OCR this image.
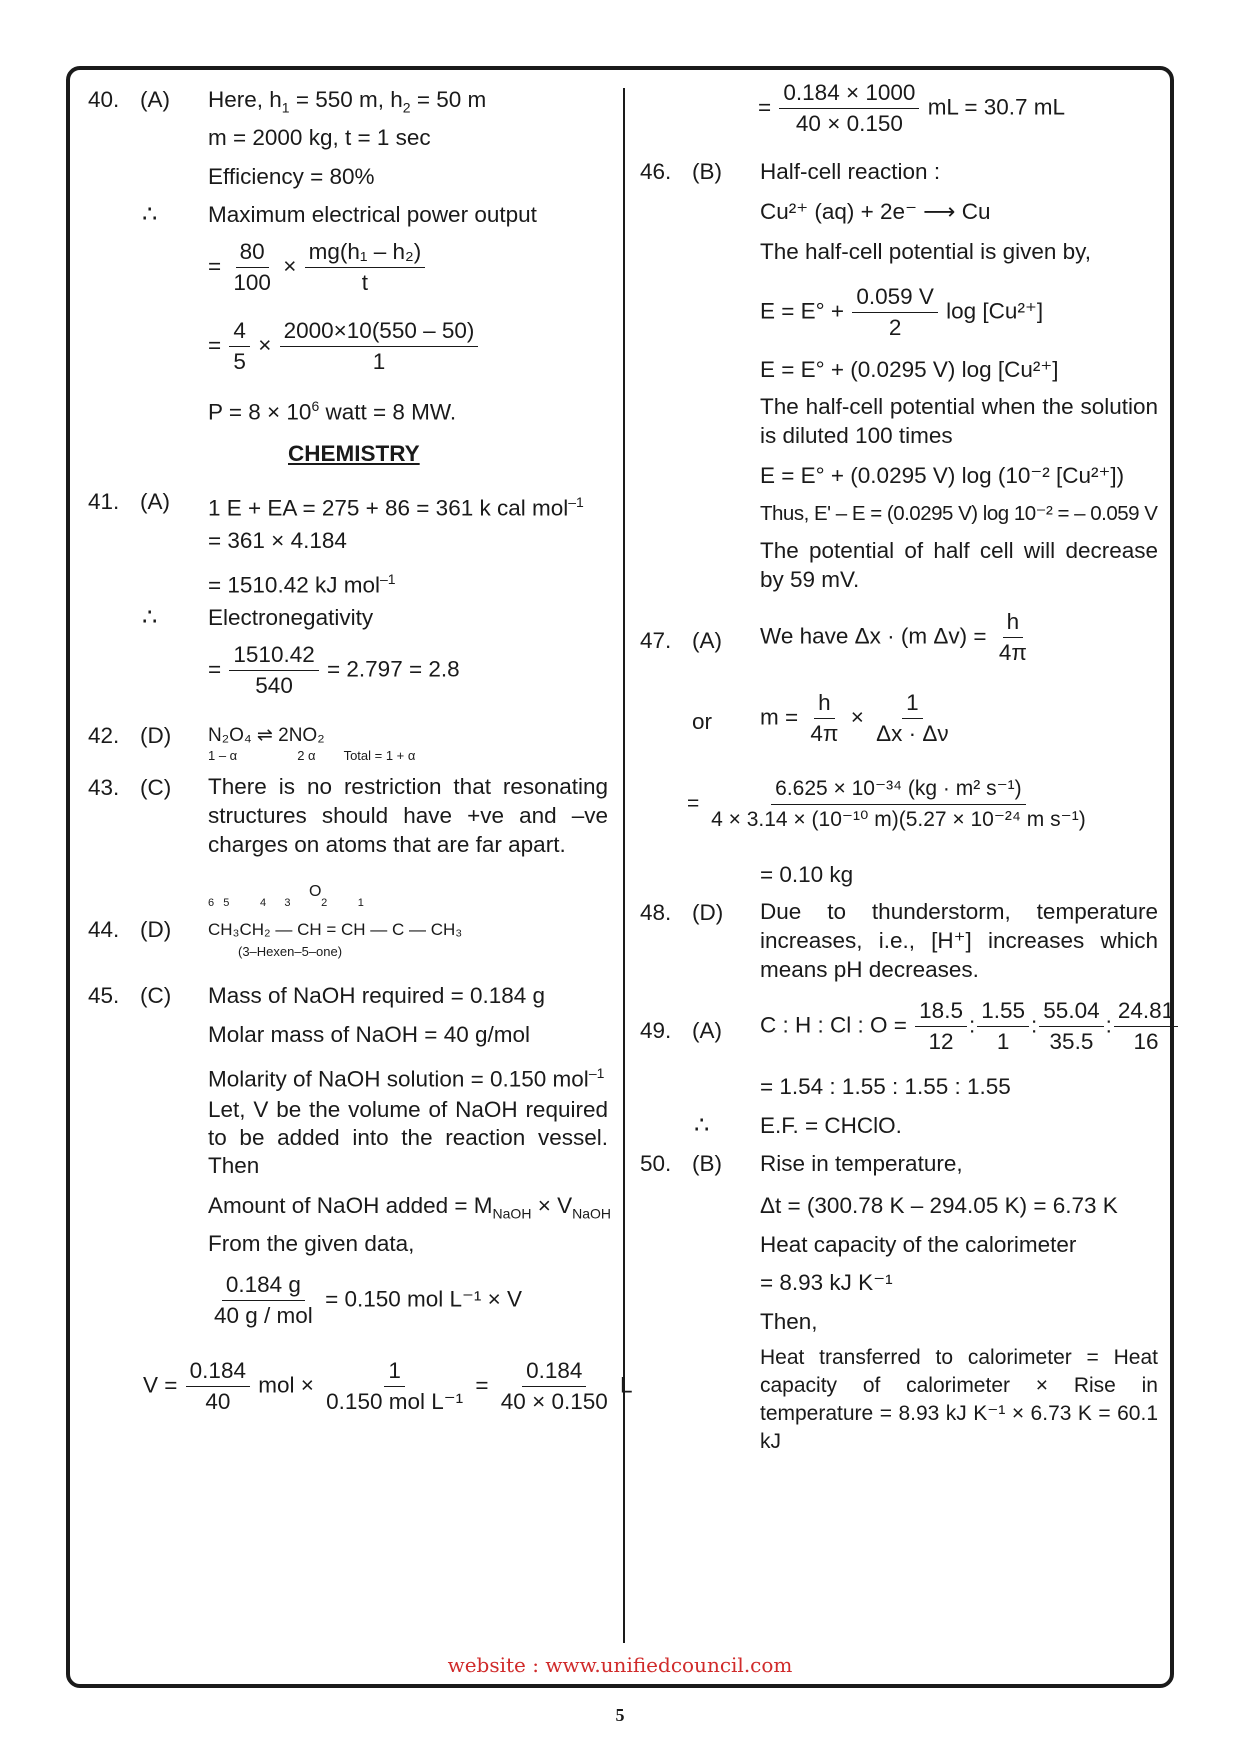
40. (A) Here, $h_1 = 550$ m, $h_2 = 50$ m
m = 2000 kg, t = 1 sec
Efficiency = 80%
∴ Maximum electrical power output
= $\frac{80}{100} \times \frac{\text{mg(h₁ – h₂)}}{t}$
= $\frac{4}{5} \times \frac{2000\times 10(550 - 50)}{1}$
$P = 8 \times 10^6$ watt = 8 MW.
CHEMISTRY
41. (A) 1 E + EA = 275 + 86 = 361 k cal mol$^{-1}$
= 361 × 4.184
= 1510.42 kJ mol$^{-1}$
∴ Electronegativity
= $\frac{1510.42}{540} = 2.797 = 2.8$
42. (D) N₂O₄ ⇌ 2NO₂
1 – α	2 α Total = 1 + α
43. (C) There is no restriction that resonating structures should have +ve and –ve charges on atoms that are far apart.
O
6   5          4      3          2          1
44. (D) CH₃CH₂ — CH = CH — C — CH₃
(3–Hexen–5–one)
45. (C) Mass of NaOH required = 0.184 g
Molar mass of NaOH = 40 g/mol
Molarity of NaOH solution = 0.150 mol$^{-1}$
Let, V be the volume of NaOH required to be added into the reaction vessel. Then
Amount of NaOH added = $M_{NaOH} \times V_{NaOH}$
From the given data,
$\frac{0.184 g}{\text{40 g / mol}} = 0.150$ mol L⁻¹ × V
$V = \frac{0.184}{40}$ mol × $\frac{1}{\text{0.150 mol L⁻¹}} = \frac{0.184}{40 \times 0.150}$ L
= $\frac{0.184 \times 1000}{40 \times 0.150}$ mL = 30.7 mL
46. (B) Half-cell reaction :
Cu²⁺ (aq) + 2e⁻ ⟶ Cu
The half-cell potential is given by,
$E = E^\circ + \frac{0.059 V}{2}$ log [Cu²⁺]
E = E° + (0.0295 V) log [Cu²⁺]
The half-cell potential when the solution is diluted 100 times
E = E° + (0.0295 V) log (10⁻² [Cu²⁺])
Thus, E' – E = (0.0295 V) log 10⁻² = – 0.059 V
The potential of half cell will decrease by 59 mV.
47. (A) We have Δx · (m $\Delta v) = \frac{h}{4\pi}$
or $m = \frac{h}{4\pi} \times \frac{1}{\Delta x \cdot \Delta\nu}$
= $\frac{\text{6.625 × 10⁻³⁴ (kg · m² s⁻¹)}}{\text{4 × 3.14 × (10⁻¹⁰ m)(5.27 × 10⁻²⁴ m s⁻¹)}}$
= 0.10 kg
48. (D) Due to thunderstorm, temperature increases, i.e., [H⁺] increases which means pH decreases.
49. (A) C : H : Cl : $O = \frac{18.5}{12}$ : $\frac{1.55}{1}$ : $\frac{55.04}{35.5}$ : $\frac{24.81}{16}$
= 1.54 : 1.55 : 1.55 : 1.55
∴ E.F. = CHClO.
50. (B) Rise in temperature,
Δt = (300.78 K – 294.05 K) = 6.73 K
Heat capacity of the calorimeter
= 8.93 kJ K⁻¹
Then,
Heat transferred to calorimeter = Heat capacity of calorimeter × Rise in temperature = 8.93 kJ K⁻¹ × 6.73 K = 60.1 kJ
website : www.unifiedcouncil.com
5
